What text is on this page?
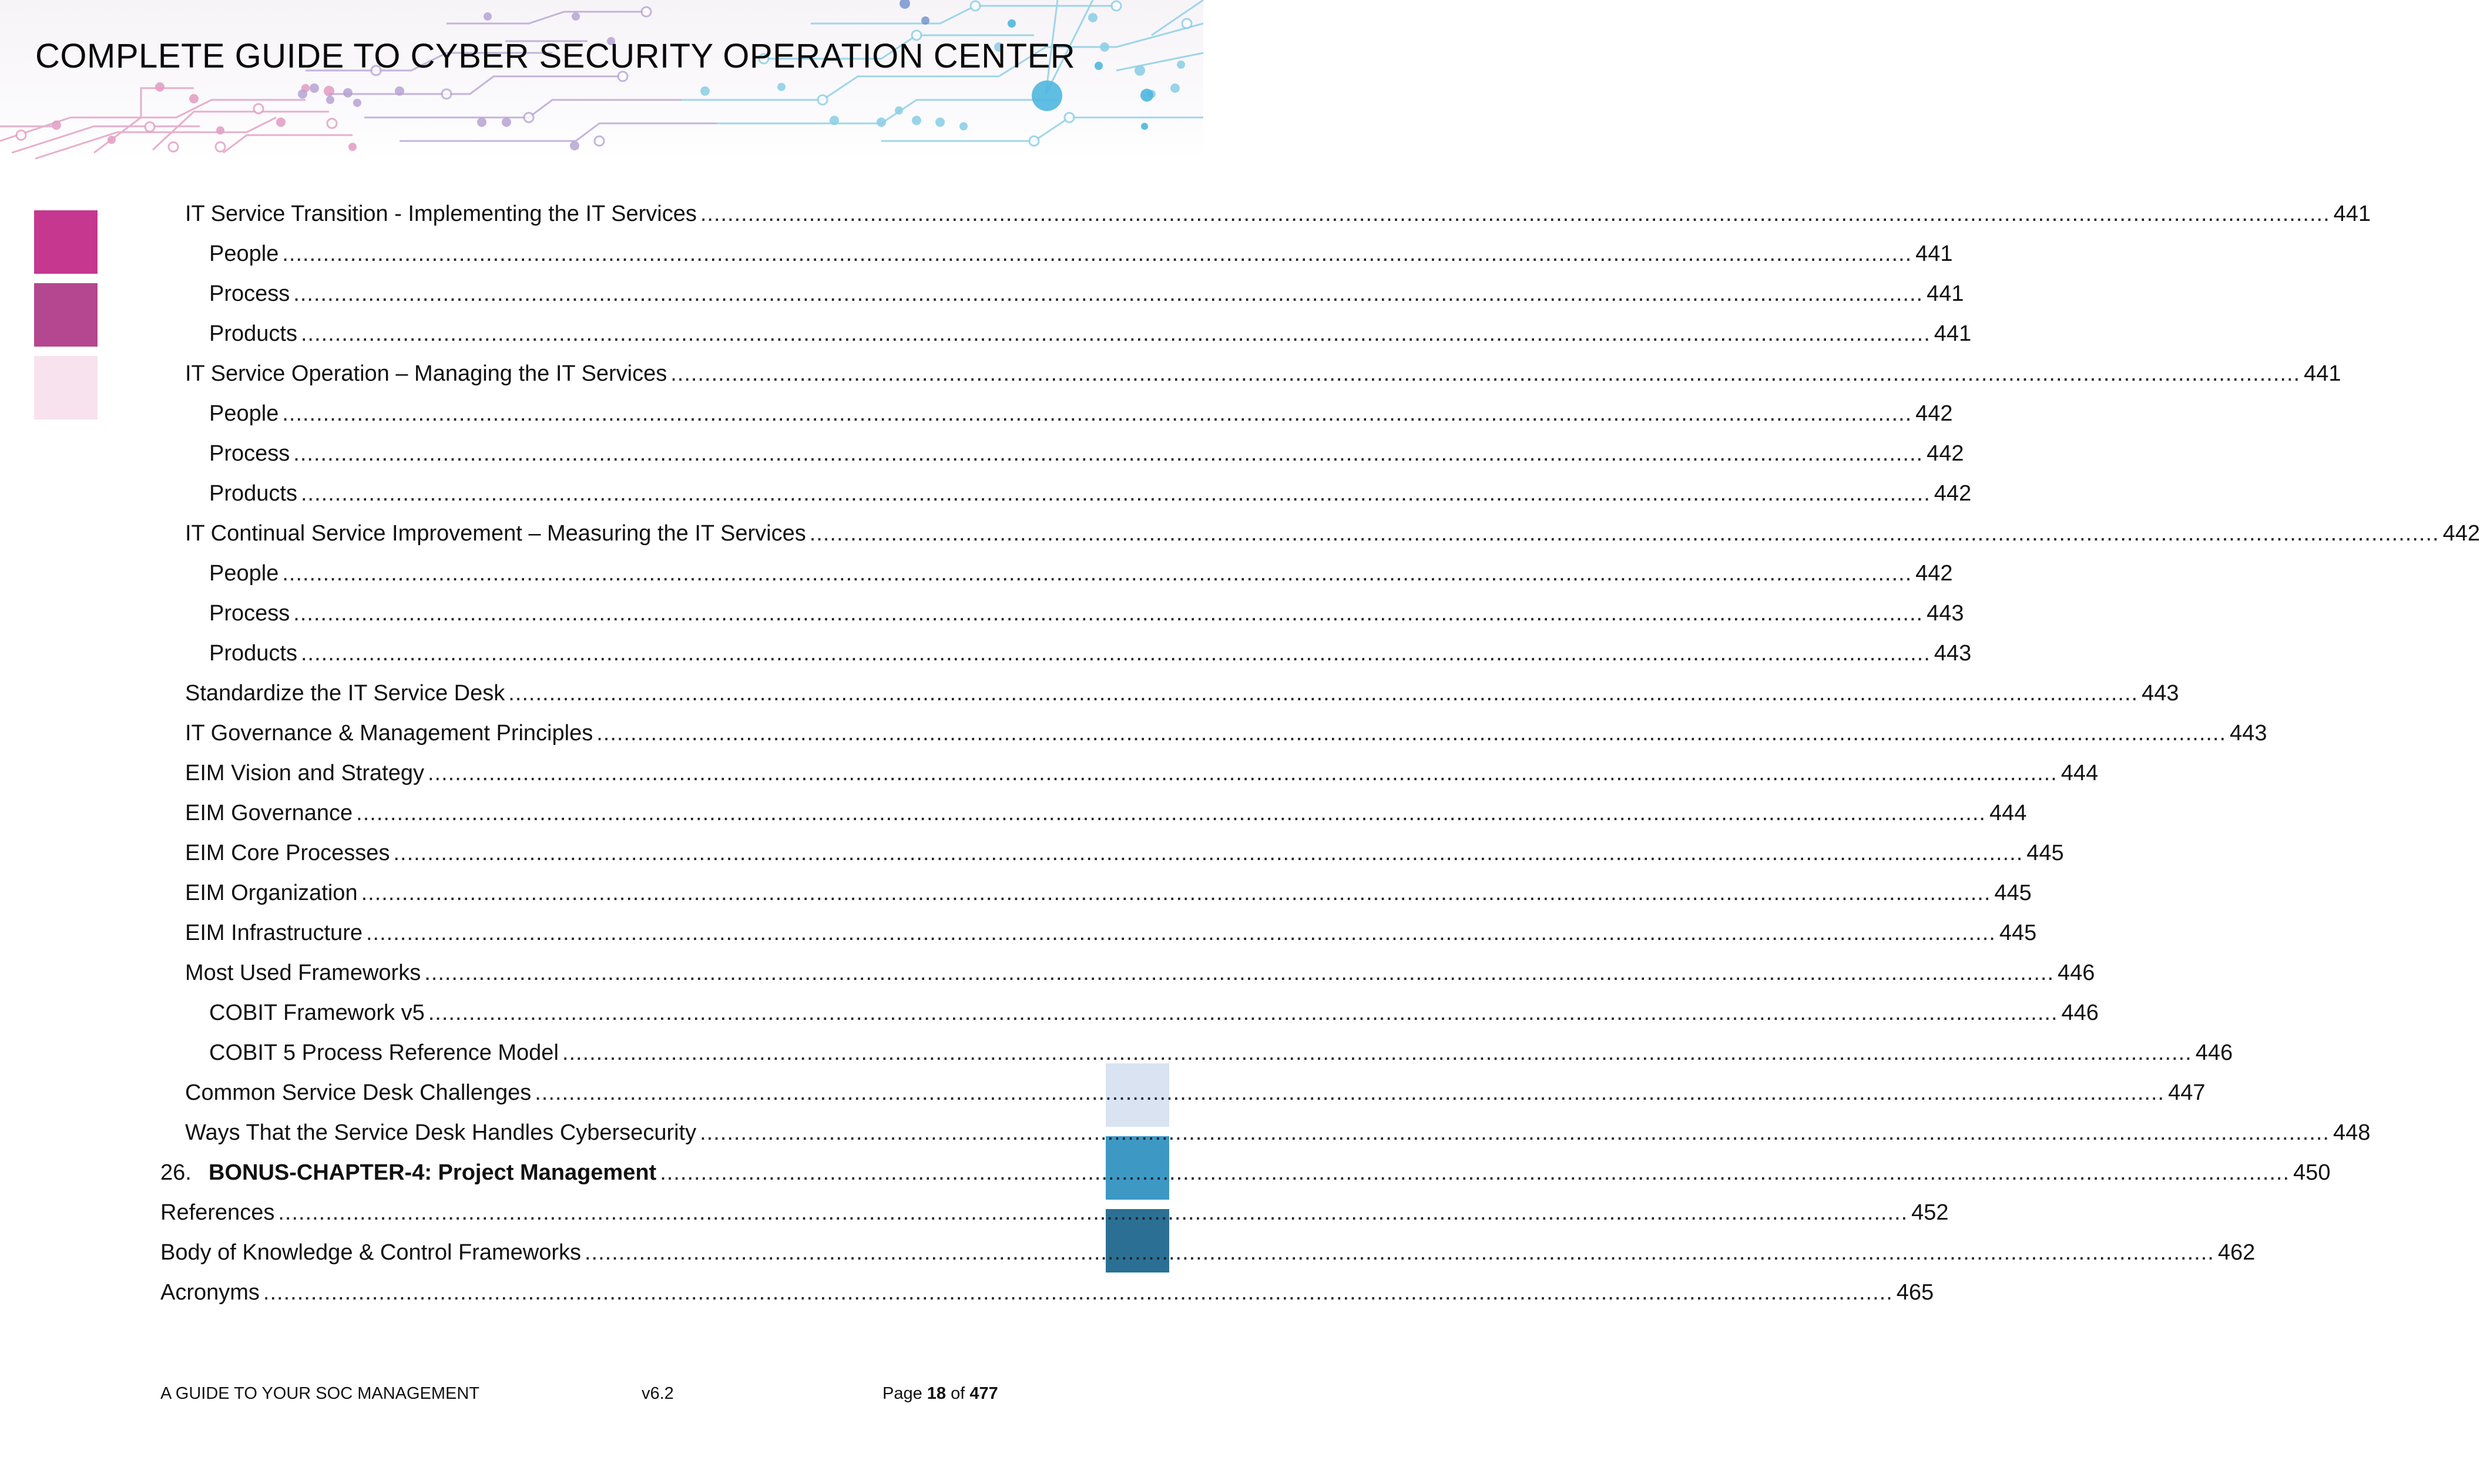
COMPLETE GUIDE TO CYBER SECURITY OPERATION CENTER
IT Service Transition - Implementing the IT Services ................................................................................................................................................................................................................................................ 441
People ................................................................................................................................................................................................................................................ 441
Process ................................................................................................................................................................................................................................................ 441
Products ................................................................................................................................................................................................................................................ 441
IT Service Operation – Managing the IT Services ................................................................................................................................................................................................................................................ 441
People ................................................................................................................................................................................................................................................ 442
Process ................................................................................................................................................................................................................................................ 442
Products ................................................................................................................................................................................................................................................ 442
IT Continual Service Improvement – Measuring the IT Services ................................................................................................................................................................................................................................................ 442
People ................................................................................................................................................................................................................................................ 442
Process ................................................................................................................................................................................................................................................ 443
Products ................................................................................................................................................................................................................................................ 443
Standardize the IT Service Desk ................................................................................................................................................................................................................................................ 443
IT Governance & Management Principles ................................................................................................................................................................................................................................................ 443
EIM Vision and Strategy ................................................................................................................................................................................................................................................ 444
EIM Governance ................................................................................................................................................................................................................................................ 444
EIM Core Processes ................................................................................................................................................................................................................................................ 445
EIM Organization ................................................................................................................................................................................................................................................ 445
EIM Infrastructure ................................................................................................................................................................................................................................................ 445
Most Used Frameworks ................................................................................................................................................................................................................................................ 446
COBIT Framework v5 ................................................................................................................................................................................................................................................ 446
COBIT 5 Process Reference Model ................................................................................................................................................................................................................................................ 446
Common Service Desk Challenges ................................................................................................................................................................................................................................................ 447
Ways That the Service Desk Handles Cybersecurity ................................................................................................................................................................................................................................................ 448
26. BONUS-CHAPTER-4: Project Management ................................................................................................................................................................................................................................................ 450
References ................................................................................................................................................................................................................................................ 452
Body of Knowledge & Control Frameworks ................................................................................................................................................................................................................................................ 462
Acronyms ................................................................................................................................................................................................................................................ 465
A GUIDE TO YOUR SOC MANAGEMENT	v6.2	Page 18 of 477
